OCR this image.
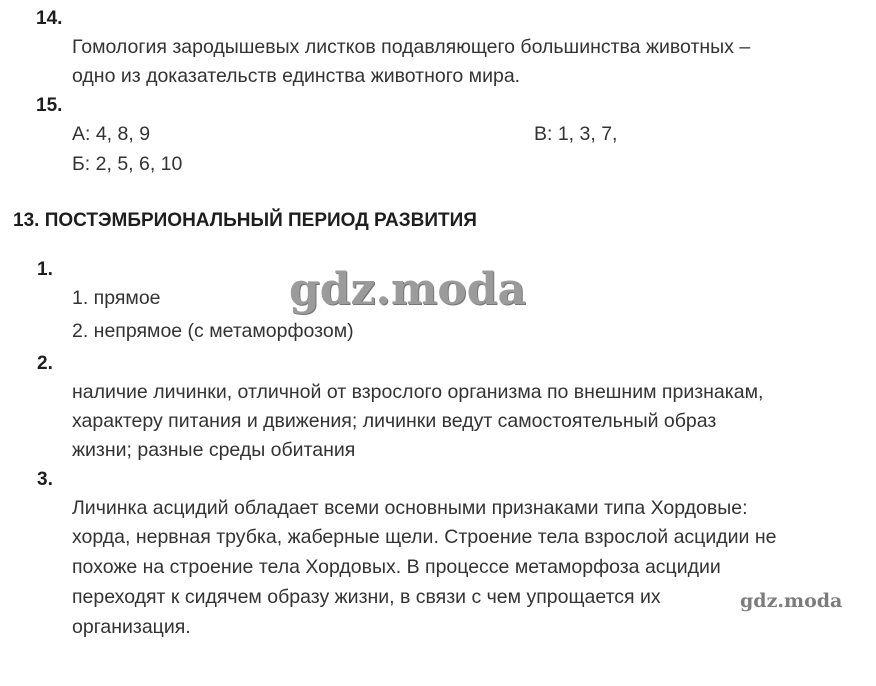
14.
Гомология зародышевых листков подавляющего большинства животных –
одно из доказательств единства животного мира.
15.
А: 4, 8, 9	В: 1, 3, 7,
Б: 2, 5, 6, 10
13. ПОСТЭМБРИОНАЛЬНЫЙ ПЕРИОД РАЗВИТИЯ
1.
1. прямое
2. непрямое (с метаморфозом)
2.
наличие личинки, отличной от взрослого организма по внешним признакам,
характеру питания и движения; личинки ведут самостоятельный образ
жизни; разные среды обитания
3.
Личинка асцидий обладает всеми основными признаками типа Хордовые:
хорда, нервная трубка, жаберные щели. Строение тела взрослой асцидии не
похоже на строение тела Хордовых. В процессе метаморфоза асцидии
переходят к сидячем образу жизни, в связи с чем упрощается их
организация.
gdz.moda
gdz.moda
